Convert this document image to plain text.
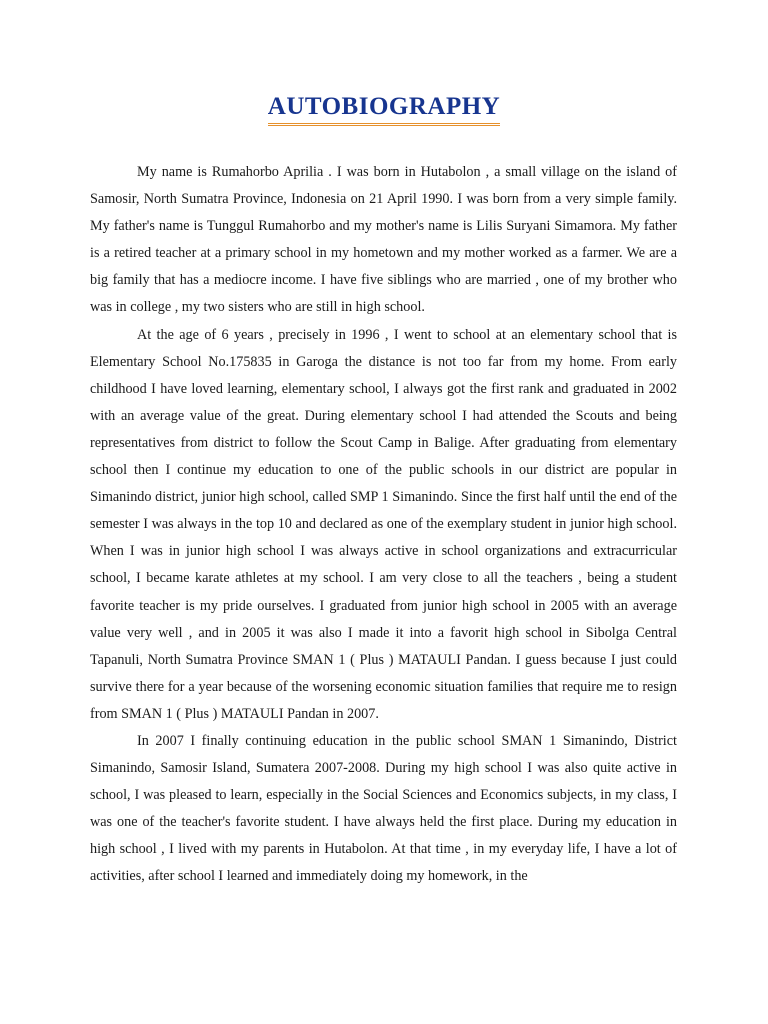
AUTOBIOGRAPHY

My name is Rumahorbo Aprilia . I was born in Hutabolon , a small village on the island of Samosir, North Sumatra Province, Indonesia on 21 April 1990. I was born from a very simple family. My father's name is Tunggul Rumahorbo and my mother's name is Lilis Suryani Simamora. My father is a retired teacher at a primary school in my hometown and my mother worked as a farmer. We are a big family that has a mediocre income. I have five siblings who are married , one of my brother who was in college , my two sisters who are still in high school.

At the age of 6 years , precisely in 1996 , I went to school at an elementary school that is Elementary School No.175835 in Garoga the distance is not too far from my home. From early childhood I have loved learning, elementary school, I always got the first rank and graduated in 2002 with an average value of the great. During elementary school I had attended the Scouts and being representatives from district to follow the Scout Camp in Balige. After graduating from elementary school then I continue my education to one of the public schools in our district are popular in Simanindo district, junior high school, called SMP 1 Simanindo. Since the first half until the end of the semester I was always in the top 10 and declared as one of the exemplary student in junior high school. When I was in junior high school I was always active in school organizations and extracurricular school, I became karate athletes at my school. I am very close to all the teachers , being a student favorite teacher is my pride ourselves. I graduated from junior high school in 2005 with an average value very well , and in 2005 it was also I made it into a favorit high school in Sibolga Central Tapanuli, North Sumatra Province SMAN 1 ( Plus ) MATAULI Pandan. I guess because I just could survive there for a year because of the worsening economic situation families that require me to resign from SMAN 1 ( Plus ) MATAULI Pandan in 2007.

In 2007 I finally continuing education in the public school SMAN 1 Simanindo, District Simanindo, Samosir Island, Sumatera 2007-2008. During my high school I was also quite active in school, I was pleased to learn, especially in the Social Sciences and Economics subjects, in my class, I was one of the teacher's favorite student. I have always held the first place. During my education in high school , I lived with my parents in Hutabolon. At that time , in my everyday life, I have a lot of activities, after school I learned and immediately doing my homework, in the
